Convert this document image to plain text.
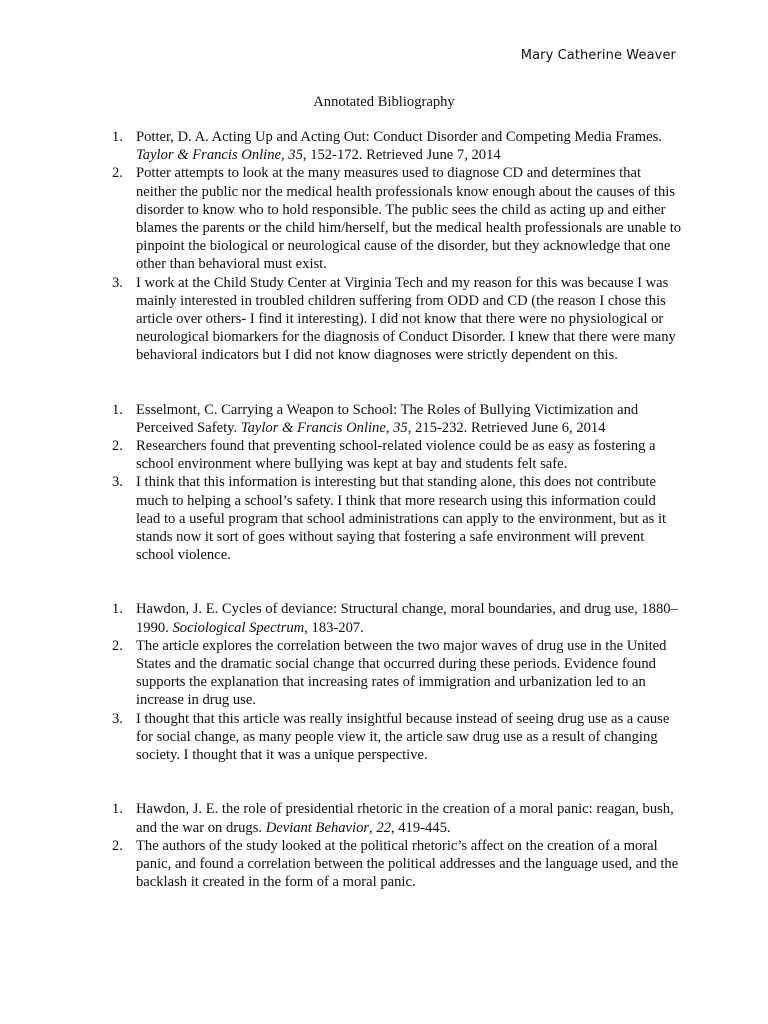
Mary Catherine Weaver
Annotated Bibliography
1. Potter, D. A. Acting Up and Acting Out: Conduct Disorder and Competing Media Frames. Taylor & Francis Online, 35, 152-172. Retrieved June 7, 2014
2. Potter attempts to look at the many measures used to diagnose CD and determines that neither the public nor the medical health professionals know enough about the causes of this disorder to know who to hold responsible. The public sees the child as acting up and either blames the parents or the child him/herself, but the medical health professionals are unable to pinpoint the biological or neurological cause of the disorder, but they acknowledge that one other than behavioral must exist.
3. I work at the Child Study Center at Virginia Tech and my reason for this was because I was mainly interested in troubled children suffering from ODD and CD (the reason I chose this article over others- I find it interesting). I did not know that there were no physiological or neurological biomarkers for the diagnosis of Conduct Disorder. I knew that there were many behavioral indicators but I did not know diagnoses were strictly dependent on this.
1. Esselmont, C. Carrying a Weapon to School: The Roles of Bullying Victimization and Perceived Safety. Taylor & Francis Online, 35, 215-232. Retrieved June 6, 2014
2. Researchers found that preventing school-related violence could be as easy as fostering a school environment where bullying was kept at bay and students felt safe.
3. I think that this information is interesting but that standing alone, this does not contribute much to helping a school’s safety. I think that more research using this information could lead to a useful program that school administrations can apply to the environment, but as it stands now it sort of goes without saying that fostering a safe environment will prevent school violence.
1. Hawdon, J. E. Cycles of deviance: Structural change, moral boundaries, and drug use, 1880–1990. Sociological Spectrum, 183-207.
2. The article explores the correlation between the two major waves of drug use in the United States and the dramatic social change that occurred during these periods. Evidence found supports the explanation that increasing rates of immigration and urbanization led to an increase in drug use.
3. I thought that this article was really insightful because instead of seeing drug use as a cause for social change, as many people view it, the article saw drug use as a result of changing society. I thought that it was a unique perspective.
1. Hawdon, J. E. the role of presidential rhetoric in the creation of a moral panic: reagan, bush, and the war on drugs. Deviant Behavior, 22, 419-445.
2. The authors of the study looked at the political rhetoric’s affect on the creation of a moral panic, and found a correlation between the political addresses and the language used, and the backlash it created in the form of a moral panic.
